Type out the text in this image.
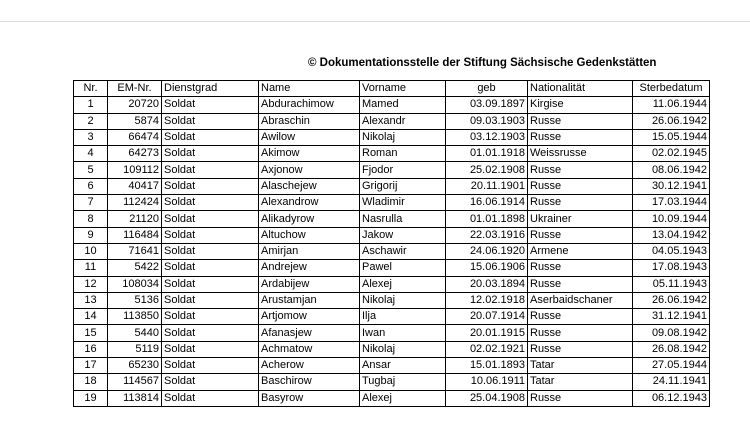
© Dokumentationsstelle der Stiftung Sächsische Gedenkstätten
Nr.	EM-Nr.	Dienstgrad	Name	Vorname	geb	Nationalität	Sterbedatum
1	20720	Soldat	Abdurachimow	Mamed	03.09.1897	Kirgise	11.06.1944
2	5874	Soldat	Abraschin	Alexandr	09.03.1903	Russe	26.06.1942
3	66474	Soldat	Awilow	Nikolaj	03.12.1903	Russe	15.05.1944
4	64273	Soldat	Akimow	Roman	01.01.1918	Weissrusse	02.02.1945
5	109112	Soldat	Axjonow	Fjodor	25.02.1908	Russe	08.06.1942
6	40417	Soldat	Alaschejew	Grigorij	20.11.1901	Russe	30.12.1941
7	112424	Soldat	Alexandrow	Wladimir	16.06.1914	Russe	17.03.1944
8	21120	Soldat	Alikadyrow	Nasrulla	01.01.1898	Ukrainer	10.09.1944
9	116484	Soldat	Altuchow	Jakow	22.03.1916	Russe	13.04.1942
10	71641	Soldat	Amirjan	Aschawir	24.06.1920	Armene	04.05.1943
11	5422	Soldat	Andrejew	Pawel	15.06.1906	Russe	17.08.1943
12	108034	Soldat	Ardabijew	Alexej	20.03.1894	Russe	05.11.1943
13	5136	Soldat	Arustamjan	Nikolaj	12.02.1918	Aserbaidschaner	26.06.1942
14	113850	Soldat	Artjomow	Ilja	20.07.1914	Russe	31.12.1941
15	5440	Soldat	Afanasjew	Iwan	20.01.1915	Russe	09.08.1942
16	5119	Soldat	Achmatow	Nikolaj	02.02.1921	Russe	26.08.1942
17	65230	Soldat	Acherow	Ansar	15.01.1893	Tatar	27.05.1944
18	114567	Soldat	Baschirow	Tugbaj	10.06.1911	Tatar	24.11.1941
19	113814	Soldat	Basyrow	Alexej	25.04.1908	Russe	06.12.1943
